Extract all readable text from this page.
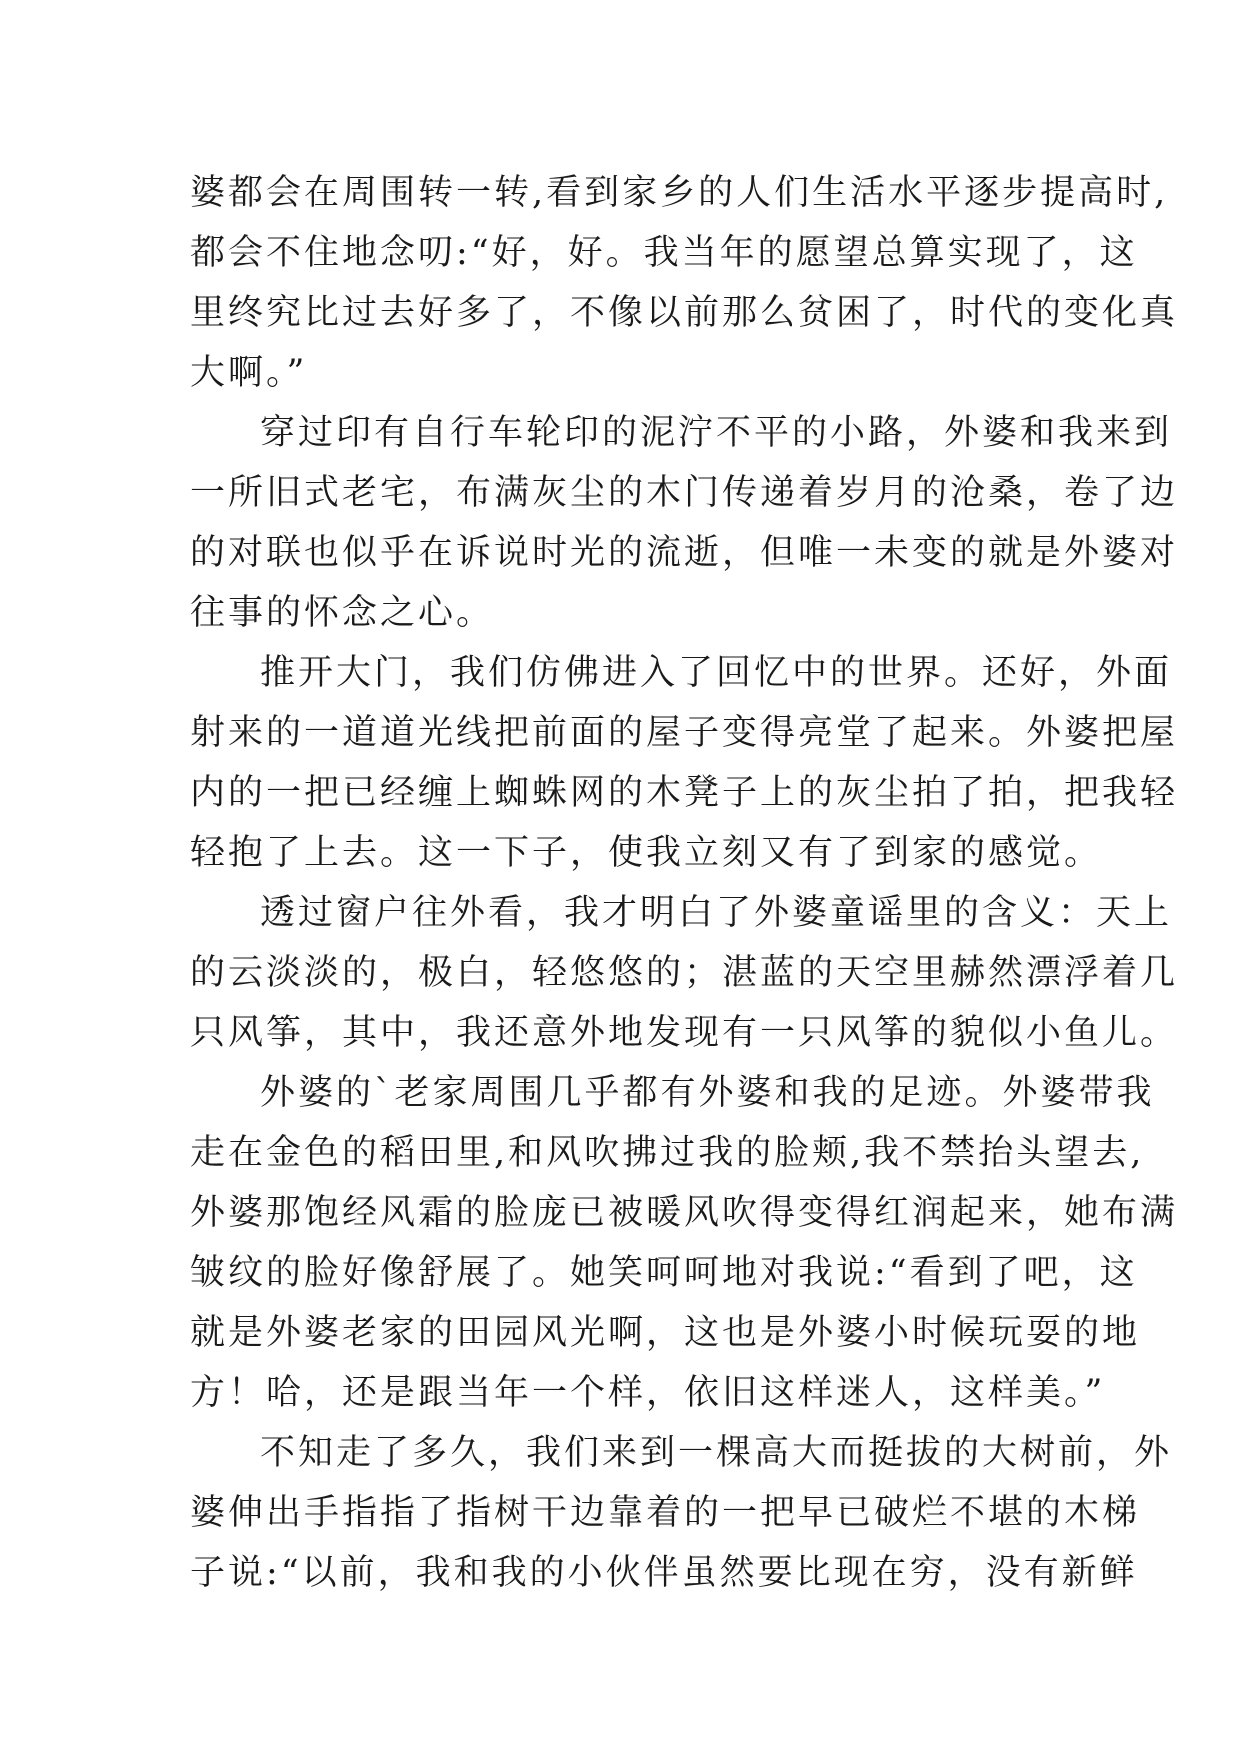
婆都会在周围转一转,看到家乡的人们生活水平逐步提高时,
都会不住地念叨:“好，好。我当年的愿望总算实现了，这
里终究比过去好多了，不像以前那么贫困了，时代的变化真
大啊。”
穿过印有自行车轮印的泥泞不平的小路，外婆和我来到
一所旧式老宅，布满灰尘的木门传递着岁月的沧桑，卷了边
的对联也似乎在诉说时光的流逝，但唯一未变的就是外婆对
往事的怀念之心。
推开大门，我们仿佛进入了回忆中的世界。还好，外面
射来的一道道光线把前面的屋子变得亮堂了起来。外婆把屋
内的一把已经缠上蜘蛛网的木凳子上的灰尘拍了拍，把我轻
轻抱了上去。这一下子，使我立刻又有了到家的感觉。
透过窗户往外看，我才明白了外婆童谣里的含义：天上
的云淡淡的，极白，轻悠悠的；湛蓝的天空里赫然漂浮着几
只风筝，其中，我还意外地发现有一只风筝的貌似小鱼儿。
外婆的`老家周围几乎都有外婆和我的足迹。外婆带我
走在金色的稻田里,和风吹拂过我的脸颊,我不禁抬头望去,
外婆那饱经风霜的脸庞已被暖风吹得变得红润起来，她布满
皱纹的脸好像舒展了。她笑呵呵地对我说:“看到了吧，这
就是外婆老家的田园风光啊，这也是外婆小时候玩耍的地
方！哈，还是跟当年一个样，依旧这样迷人，这样美。”
不知走了多久，我们来到一棵高大而挺拔的大树前，外
婆伸出手指指了指树干边靠着的一把早已破烂不堪的木梯
子说:“以前，我和我的小伙伴虽然要比现在穷，没有新鲜
